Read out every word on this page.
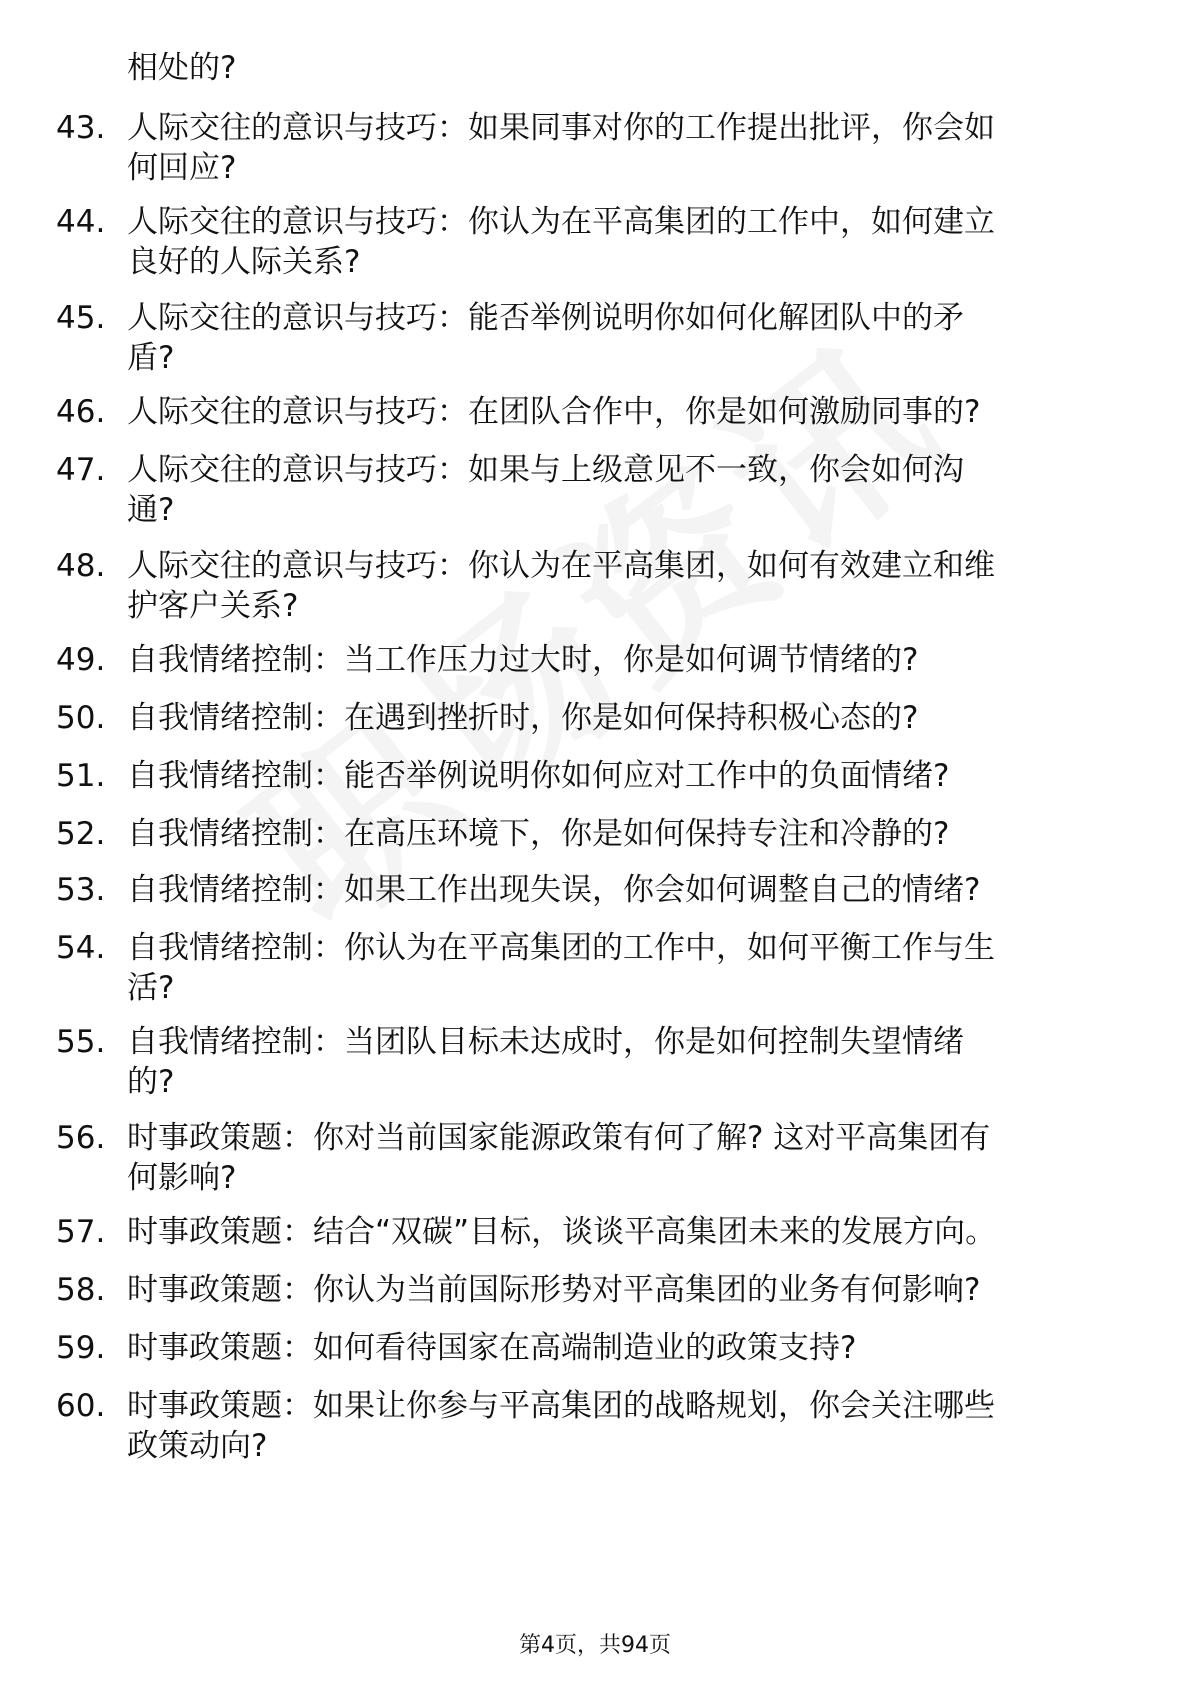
相处的?
43. 人际交往的意识与技巧：如果同事对你的工作提出批评，你会如
何回应?
44. 人际交往的意识与技巧：你认为在平高集团的工作中，如何建立
良好的人际关系?
45. 人际交往的意识与技巧：能否举例说明你如何化解团队中的矛
盾?
46. 人际交往的意识与技巧：在团队合作中，你是如何激励同事的?
47. 人际交往的意识与技巧：如果与上级意见不一致，你会如何沟
通?
48. 人际交往的意识与技巧：你认为在平高集团，如何有效建立和维
护客户关系?
49. 自我情绪控制：当工作压力过大时，你是如何调节情绪的?
50. 自我情绪控制：在遇到挫折时，你是如何保持积极心态的?
51. 自我情绪控制：能否举例说明你如何应对工作中的负面情绪?
52. 自我情绪控制：在高压环境下，你是如何保持专注和冷静的?
53. 自我情绪控制：如果工作出现失误，你会如何调整自己的情绪?
54. 自我情绪控制：你认为在平高集团的工作中，如何平衡工作与生
活?
55. 自我情绪控制：当团队目标未达成时，你是如何控制失望情绪
的?
56. 时事政策题：你对当前国家能源政策有何了解? 这对平高集团有
何影响?
57. 时事政策题：结合“双碳”目标，谈谈平高集团未来的发展方向。
58. 时事政策题：你认为当前国际形势对平高集团的业务有何影响?
59. 时事政策题：如何看待国家在高端制造业的政策支持?
60. 时事政策题：如果让你参与平高集团的战略规划，你会关注哪些
政策动向?
第4页，共94页
